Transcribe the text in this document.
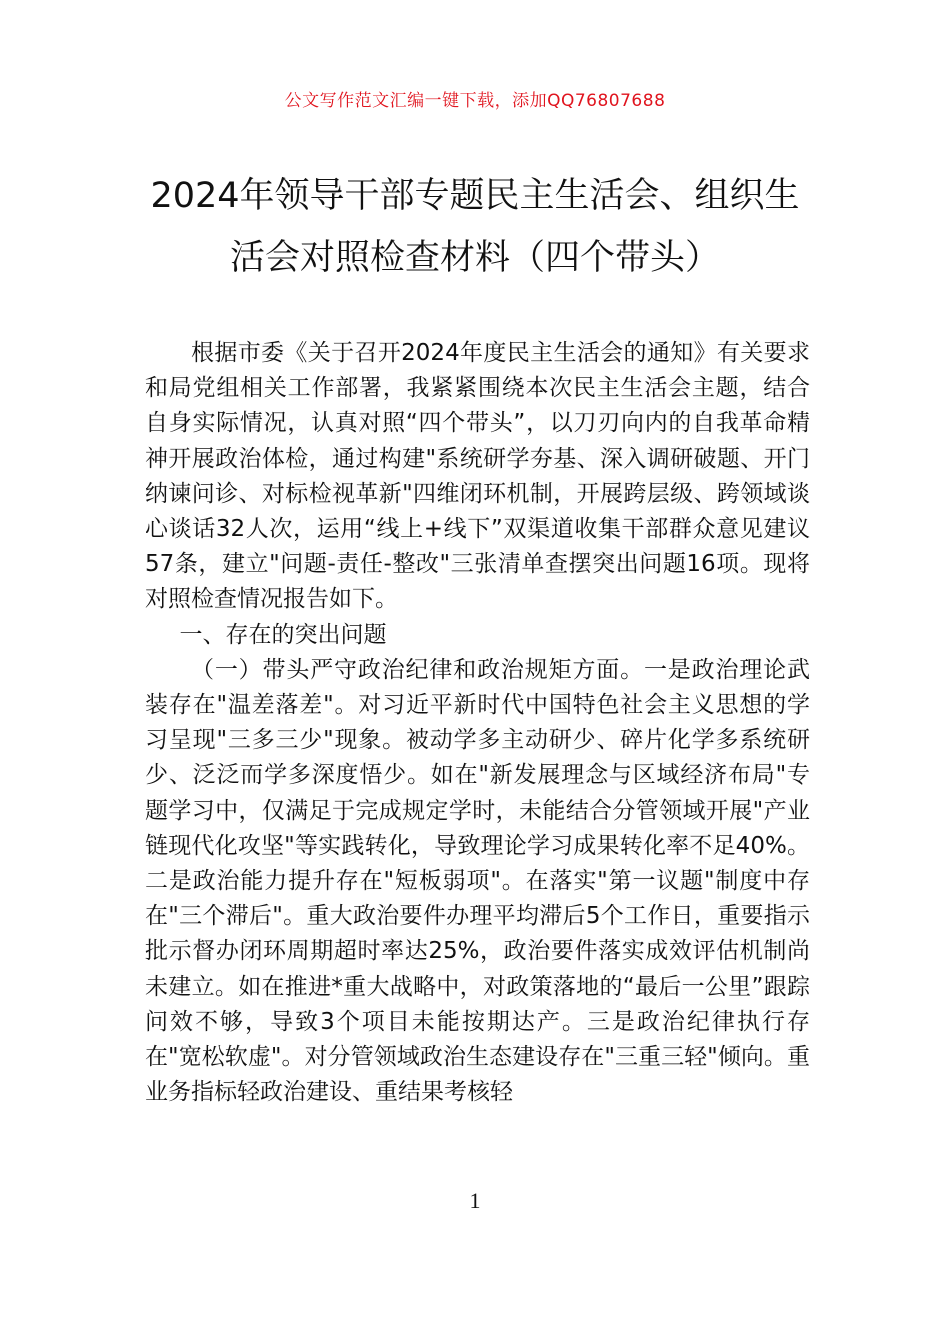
公文写作范文汇编一键下载，添加QQ76807688
2024年领导干部专题民主生活会、组织生
活会对照检查材料（四个带头）

根据市委《关于召开2024年度民主生活会的通知》有关要求和局党组相关工作部署，我紧紧围绕本次民主生活会主题，结合自身实际情况，认真对照“四个带头”，以刀刃向内的自我革命精神开展政治体检，通过构建"系统研学夯基、深入调研破题、开门纳谏问诊、对标检视革新"四维闭环机制，开展跨层级、跨领域谈心谈话32人次，运用“线上+线下”双渠道收集干部群众意见建议57条，建立"问题-责任-整改"三张清单查摆突出问题16项。现将对照检查情况报告如下。

一、存在的突出问题

（一）带头严守政治纪律和政治规矩方面。一是政治理论武装存在"温差落差"。对习近平新时代中国特色社会主义思想的学习呈现"三多三少"现象。被动学多主动研少、碎片化学多系统研少、泛泛而学多深度悟少。如在"新发展理念与区域经济布局"专题学习中，仅满足于完成规定学时，未能结合分管领域开展"产业链现代化攻坚"等实践转化，导致理论学习成果转化率不足40%。二是政治能力提升存在"短板弱项"。在落实"第一议题"制度中存在"三个滞后"。重大政治要件办理平均滞后5个工作日，重要指示批示督办闭环周期超时率达25%，政治要件落实成效评估机制尚未建立。如在推进*重大战略中，对政策落地的“最后一公里”跟踪问效不够，导致3个项目未能按期达产。三是政治纪律执行存在"宽松软虚"。对分管领域政治生态建设存在"三重三轻"倾向。重业务指标轻政治建设、重结果考核轻

1
